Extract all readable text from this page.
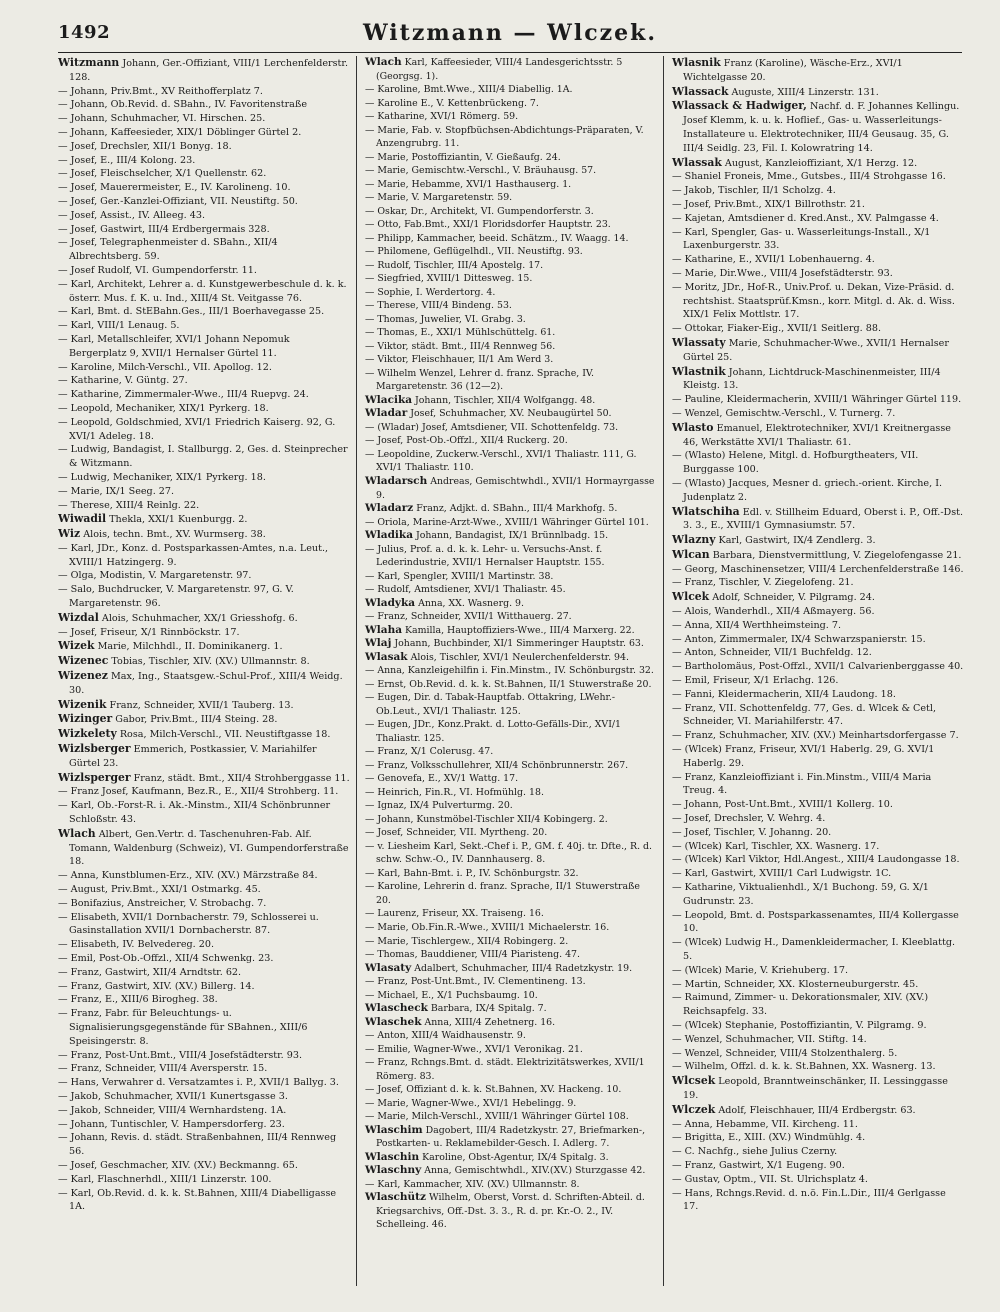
1492	Witzmann — Wlczek.

Witzmann Johann, Ger.-Offiziant, VIII/1 Lerchenfelderstr. 128.

— Johann, Priv.Bmt., XV Reithofferplatz 7.

— Johann, Ob.Revid. d. SBahn., IV. Favoritenstraße

— Johann, Schuhmacher, VI. Hirschen. 25.

— Johann, Kaffeesieder, XIX/1 Döblinger Gürtel 2.

— Josef, Drechsler, XII/1 Bonyg. 18.

— Josef, E., III/4 Kolong. 23.

— Josef, Fleischselcher, X/1 Quellenstr. 62.

— Josef, Mauerermeister, E., IV. Karolineng. 10.

— Josef, Ger.-Kanzlei-Offiziant, VII. Neustiftg. 50.

— Josef, Assist., IV. Alleeg. 43.

— Josef, Gastwirt, III/4 Erdbergermais 328.

— Josef, Telegraphenmeister d. SBahn., XII/4 Albrechtsberg. 59.

— Josef Rudolf, VI. Gumpendorferstr. 11.

— Karl, Architekt, Lehrer a. d. Kunstgewerbeschule d. k. k. österr. Mus. f. K. u. Ind., XIII/4 St. Veitgasse 76.

— Karl, Bmt. d. StEBahn.Ges., III/1 Boerhavegasse 25.

— Karl, VIII/1 Lenaug. 5.

— Karl, Metallschleifer, XVI/1 Johann Nepomuk Bergerplatz 9, XVII/1 Hernalser Gürtel 11.

— Karoline, Milch-Verschl., VII. Apollog. 12.

— Katharine, V. Güntg. 27.

— Katharine, Zimmermaler-Wwe., III/4 Ruepvg. 24.

— Leopold, Mechaniker, XIX/1 Pyrkerg. 18.

— Leopold, Goldschmied, XVI/1 Friedrich Kaiserg. 92, G. XVI/1 Adeleg. 18.

— Ludwig, Bandagist, I. Stallburgg. 2, Ges. d. Steinprecher & Witzmann.

— Ludwig, Mechaniker, XIX/1 Pyrkerg. 18.

— Marie, IX/1 Seeg. 27.

— Therese, XIII/4 Reinlg. 22.

Wiwadil Thekla, XXI/1 Kuenburgg. 2.

Wiz Alois, techn. Bmt., XV. Wurmserg. 38.

— Karl, JDr., Konz. d. Postsparkassen-Amtes, n.a. Leut., XVIII/1 Hatzingerg. 9.

— Olga, Modistin, V. Margaretenstr. 97.

— Salo, Buchdrucker, V. Margaretenstr. 97, G. V. Margaretenstr. 96.

Wizdal Alois, Schuhmacher, XX/1 Griesshofg. 6.

— Josef, Friseur, X/1 Rinnböckstr. 17.

Wizek Marie, Milchhdl., II. Dominikanerg. 1.

Wizenec Tobias, Tischler, XIV. (XV.) Ullmannstr. 8.

Wizenez Max, Ing., Staatsgew.-Schul-Prof., XIII/4 Weidg. 30.

Wizenik Franz, Schneider, XVII/1 Tauberg. 13.

Wizinger Gabor, Priv.Bmt., III/4 Steing. 28.

Wizkelety Rosa, Milch-Verschl., VII. Neustiftgasse 18.

Wizlsberger Emmerich, Postkassier, V. Mariahilfer Gürtel 23.

Wizlsperger Franz, städt. Bmt., XII/4 Strohberggasse 11.

— Franz Josef, Kaufmann, Bez.R., E., XII/4 Strohberg. 11.

— Karl, Ob.-Forst-R. i. Ak.-Minstm., XII/4 Schönbrunner Schloßstr. 43.

Wlach Albert, Gen.Vertr. d. Taschenuhren-Fab. Alf. Tomann, Waldenburg (Schweiz), VI. Gumpendorferstraße 18.

— Anna, Kunstblumen-Erz., XIV. (XV.) Märzstraße 84.

— August, Priv.Bmt., XXI/1 Ostmarkg. 45.

— Bonifazius, Anstreicher, V. Strobachg. 7.

— Elisabeth, XVII/1 Dornbacherstr. 79, Schlosserei u. Gasinstallation XVII/1 Dornbacherstr. 87.

— Elisabeth, IV. Belvedereg. 20.

— Emil, Post-Ob.-Offzl., XII/4 Schwenkg. 23.

— Franz, Gastwirt, XII/4 Arndtstr. 62.

— Franz, Gastwirt, XIV. (XV.) Billerg. 14.

— Franz, E., XIII/6 Birogheg. 38.

— Franz, Fabr. für Beleuchtungs- u. Signalisierungsgegenstände für SBahnen., XIII/6 Speisingerstr. 8.

— Franz, Post-Unt.Bmt., VIII/4 Josefstädterstr. 93.

— Franz, Schneider, VIII/4 Aversperstr. 15.

— Hans, Verwahrer d. Versatzamtes i. P., XVII/1 Ballyg. 3.

— Jakob, Schuhmacher, XVII/1 Kunertsgasse 3.

— Jakob, Schneider, VIII/4 Wernhardsteng. 1A.

— Johann, Tuntischler, V. Hampersdorferg. 23.

— Johann, Revis. d. städt. Straßenbahnen, III/4 Rennweg 56.

— Josef, Geschmacher, XIV. (XV.) Beckmanng. 65.

— Karl, Flaschnerhdl., XIII/1 Linzerstr. 100.

— Karl, Ob.Revid. d. k. k. St.Bahnen, XIII/4 Diabelligasse 1A.

Wlach Karl, Kaffeesieder, VIII/4 Landesgerichtsstr. 5 (Georgsg. 1).

— Karoline, Bmt.Wwe., XIII/4 Diabellig. 1A.

— Karoline E., V. Kettenbrückeng. 7.

— Katharine, XVI/1 Römerg. 59.

— Marie, Fab. v. Stopfbüchsen-Abdichtungs-Präparaten, V. Anzengrubrg. 11.

— Marie, Postoffiziantin, V. Gießaufg. 24.

— Marie, Gemischtw.-Verschl., V. Bräuhausg. 57.

— Marie, Hebamme, XVI/1 Hasthauserg. 1.

— Marie, V. Margaretenstr. 59.

— Oskar, Dr., Architekt, VI. Gumpendorferstr. 3.

— Otto, Fab.Bmt., XXI/1 Floridsdorfer Hauptstr. 23.

— Philipp, Kammacher, beeid. Schätzm., IV. Waagg. 14.

— Philomene, Geflügelhdl., VII. Neustiftg. 93.

— Rudolf, Tischler, III/4 Apostelg. 17.

— Siegfried, XVIII/1 Dittesweg. 15.

— Sophie, I. Werdertorg. 4.

— Therese, VIII/4 Bindeng. 53.

— Thomas, Juwelier, VI. Grabg. 3.

— Thomas, E., XXI/1 Mühlschüttelg. 61.

— Viktor, städt. Bmt., III/4 Rennweg 56.

— Viktor, Fleischhauer, II/1 Am Werd 3.

— Wilhelm Wenzel, Lehrer d. franz. Sprache, IV. Margaretenstr. 36 (12—2).

Wlacika Johann, Tischler, XII/4 Wolfgangg. 48.

Wladar Josef, Schuhmacher, XV. Neubaugürtel 50.

— (Wladar) Josef, Amtsdiener, VII. Schottenfeldg. 73.

— Josef, Post-Ob.-Offzl., XII/4 Ruckerg. 20.

— Leopoldine, Zuckerw.-Verschl., XVI/1 Thaliastr. 111, G. XVI/1 Thaliastr. 110.

Wladarsch Andreas, Gemischtwhdl., XVII/1 Hormayrgasse 9.

Wladarz Franz, Adjkt. d. SBahn., III/4 Markhofg. 5.

— Oriola, Marine-Arzt-Wwe., XVIII/1 Währinger Gürtel 101.

Wladika Johann, Bandagist, IX/1 Brünnlbadg. 15.

— Julius, Prof. a. d. k. k. Lehr- u. Versuchs-Anst. f. Lederindustrie, XVII/1 Hernalser Hauptstr. 155.

— Karl, Spengler, XVIII/1 Martinstr. 38.

— Rudolf, Amtsdiener, XVI/1 Thaliastr. 45.

Wladyka Anna, XX. Wasnerg. 9.

— Franz, Schneider, XVII/1 Witthauerg. 27.

Wlaha Kamilla, Hauptoffiziers-Wwe., III/4 Marxerg. 22.

Wlaj Johann, Buchbinder, XI/1 Simmeringer Hauptstr. 63.

Wlasak Alois, Tischler, XVI/1 Neulerchenfelderstr. 94.

— Anna, Kanzleigehilfin i. Fin.Minstm., IV. Schönburgstr. 32.

— Ernst, Ob.Revid. d. k. k. St.Bahnen, II/1 Stuwerstraße 20.

— Eugen, Dir. d. Tabak-Hauptfab. Ottakring, LWehr.-Ob.Leut., XVI/1 Thaliastr. 125.

— Eugen, JDr., Konz.Prakt. d. Lotto-Gefälls-Dir., XVI/1 Thaliastr. 125.

— Franz, X/1 Colerusg. 47.

— Franz, Volksschullehrer, XII/4 Schönbrunnerstr. 267.

— Genovefa, E., XV/1 Wattg. 17.

— Heinrich, Fin.R., VI. Hofmühlg. 18.

— Ignaz, IX/4 Pulverturmg. 20.

— Johann, Kunstmöbel-Tischler XII/4 Kobingerg. 2.

— Josef, Schneider, VII. Myrtheng. 20.

— v. Liesheim Karl, Sekt.-Chef i. P., GM. f. 40j. tr. Dfte., R. d. schw. Schw.-O., IV. Dannhauserg. 8.

— Karl, Bahn-Bmt. i. P., IV. Schönburgstr. 32.

— Karoline, Lehrerin d. franz. Sprache, II/1 Stuwerstraße 20.

— Laurenz, Friseur, XX. Traiseng. 16.

— Marie, Ob.Fin.R.-Wwe., XVIII/1 Michaelerstr. 16.

— Marie, Tischlergew., XII/4 Robingerg. 2.

— Thomas, Bauddiener, VIII/4 Piaristeng. 47.

Wlasaty Adalbert, Schuhmacher, III/4 Radetzkystr. 19.

— Franz, Post-Unt.Bmt., IV. Clementineng. 13.

— Michael, E., X/1 Puchsbaumg. 10.

Wlascheck Barbara, IX/4 Spitalg. 7.

Wlaschek Anna, XIII/4 Zehetnerg. 16.

— Anton, XIII/4 Waidhausenstr. 9.

— Emilie, Wagner-Wwe., XVI/1 Veronikag. 21.

— Franz, Rchngs.Bmt. d. städt. Elektrizitätswerkes, XVII/1 Römerg. 83.

— Josef, Offiziant d. k. k. St.Bahnen, XV. Hackeng. 10.

— Marie, Wagner-Wwe., XVI/1 Hebelingg. 9.

— Marie, Milch-Verschl., XVIII/1 Währinger Gürtel 108.

Wlaschim Dagobert, III/4 Radetzkystr. 27, Briefmarken-, Postkarten- u. Reklamebilder-Gesch. I. Adlerg. 7.

Wlaschin Karoline, Obst-Agentur, IX/4 Spitalg. 3.

Wlaschny Anna, Gemischtwhdl., XIV.(XV.) Sturzgasse 42.

— Karl, Kammacher, XIV. (XV.) Ullmannstr. 8.

Wlaschütz Wilhelm, Oberst, Vorst. d. Schriften-Abteil. d. Kriegsarchivs, Off.-Dst. 3. 3., R. d. pr. Kr.-O. 2., IV. Schelleing. 46.

Wlasnik Franz (Karoline), Wäsche-Erz., XVI/1 Wichtelgasse 20.

Wlassack Auguste, XIII/4 Linzerstr. 131.

Wlassack & Hadwiger, Nachf. d. F. Johannes Kellingu. Josef Klemm, k. u. k. Hoflief., Gas- u. Wasserleitungs-Installateure u. Elektrotechniker, III/4 Geusaug. 35, G. III/4 Seidlg. 23, Fil. I. Kolowratring 14.

Wlassak August, Kanzleioffiziant, X/1 Herzg. 12.

— Shaniel Froneis, Mme., Gutsbes., III/4 Strohgasse 16.

— Jakob, Tischler, II/1 Scholzg. 4.

— Josef, Priv.Bmt., XIX/1 Billrothstr. 21.

— Kajetan, Amtsdiener d. Kred.Anst., XV. Palmgasse 4.

— Karl, Spengler, Gas- u. Wasserleitungs-Install., X/1 Laxenburgerstr. 33.

— Katharine, E., XVII/1 Lobenhauerng. 4.

— Marie, Dir.Wwe., VIII/4 Josefstädterstr. 93.

— Moritz, JDr., Hof-R., Univ.Prof. u. Dekan, Vize-Präsid. d. rechtshist. Staatsprüf.Kmsn., korr. Mitgl. d. Ak. d. Wiss. XIX/1 Felix Mottlstr. 17.

— Ottokar, Fiaker-Eig., XVII/1 Seitlerg. 88.

Wlassaty Marie, Schuhmacher-Wwe., XVII/1 Hernalser Gürtel 25.

Wlastnik Johann, Lichtdruck-Maschinenmeister, III/4 Kleistg. 13.

— Pauline, Kleidermacherin, XVIII/1 Währinger Gürtel 119.

— Wenzel, Gemischtw.-Verschl., V. Turnerg. 7.

Wlasto Emanuel, Elektrotechniker, XVI/1 Kreitnergasse 46, Werkstätte XVI/1 Thaliastr. 61.

— (Wlasto) Helene, Mitgl. d. Hofburgtheaters, VII. Burggasse 100.

— (Wlasto) Jacques, Mesner d. griech.-orient. Kirche, I. Judenplatz 2.

Wlatschiha Edl. v. Stillheim Eduard, Oberst i. P., Off.-Dst. 3. 3., E., XVIII/1 Gymnasiumstr. 57.

Wlazny Karl, Gastwirt, IX/4 Zendlerg. 3.

Wlcan Barbara, Dienstvermittlung, V. Ziegelofengasse 21.

— Georg, Maschinensetzer, VIII/4 Lerchenfelderstraße 146.

— Franz, Tischler, V. Ziegelofeng. 21.

Wlcek Adolf, Schneider, V. Pilgramg. 24.

— Alois, Wanderhdl., XII/4 Aßmayerg. 56.

— Anna, XII/4 Werthheimsteing. 7.

— Anton, Zimmermaler, IX/4 Schwarzspanierstr. 15.

— Anton, Schneider, VII/1 Buchfeldg. 12.

— Bartholomäus, Post-Offzl., XVII/1 Calvarienberggasse 40.

— Emil, Friseur, X/1 Erlachg. 126.

— Fanni, Kleidermacherin, XII/4 Laudong. 18.

— Franz, VII. Schottenfeldg. 77, Ges. d. Wlcek & Cetl, Schneider, VI. Mariahilferstr. 47.

— Franz, Schuhmacher, XIV. (XV.) Meinhartsdorfergasse 7.

— (Wlcek) Franz, Friseur, XVI/1 Haberlg. 29, G. XVI/1 Haberlg. 29.

— Franz, Kanzleioffiziant i. Fin.Minstm., VIII/4 Maria Treug. 4.

— Johann, Post-Unt.Bmt., XVIII/1 Kollerg. 10.

— Josef, Drechsler, V. Wehrg. 4.

— Josef, Tischler, V. Johanng. 20.

— (Wlcek) Karl, Tischler, XX. Wasnerg. 17.

— (Wlcek) Karl Viktor, Hdl.Angest., XIII/4 Laudongasse 18.

— Karl, Gastwirt, XVIII/1 Carl Ludwigstr. 1C.

— Katharine, Viktualienhdl., X/1 Buchong. 59, G. X/1 Gudrunstr. 23.

— Leopold, Bmt. d. Postsparkassenamtes, III/4 Kollergasse 10.

— (Wlcek) Ludwig H., Damenkleidermacher, I. Kleeblattg. 5.

— (Wlcek) Marie, V. Kriehuberg. 17.

— Martin, Schneider, XX. Klosterneuburgerstr. 45.

— Raimund, Zimmer- u. Dekorationsmaler, XIV. (XV.) Reichsapfelg. 33.

— (Wlcek) Stephanie, Postoffiziantin, V. Pilgramg. 9.

— Wenzel, Schuhmacher, VII. Stiftg. 14.

— Wenzel, Schneider, VIII/4 Stolzenthalerg. 5.

— Wilhelm, Offzl. d. k. k. St.Bahnen, XX. Wasnerg. 13.

Wlcsek Leopold, Branntweinschänker, II. Lessinggasse 19.

Wlczek Adolf, Fleischhauer, III/4 Erdbergstr. 63.

— Anna, Hebamme, VII. Kircheng. 11.

— Brigitta, E., XIII. (XV.) Windmühlg. 4.

— C. Nachfg., siehe Julius Czerny.

— Franz, Gastwirt, X/1 Eugeng. 90.

— Gustav, Optm., VII. St. Ulrichsplatz 4.

— Hans, Rchngs.Revid. d. n.ö. Fin.L.Dir., III/4 Gerlgasse 17.
